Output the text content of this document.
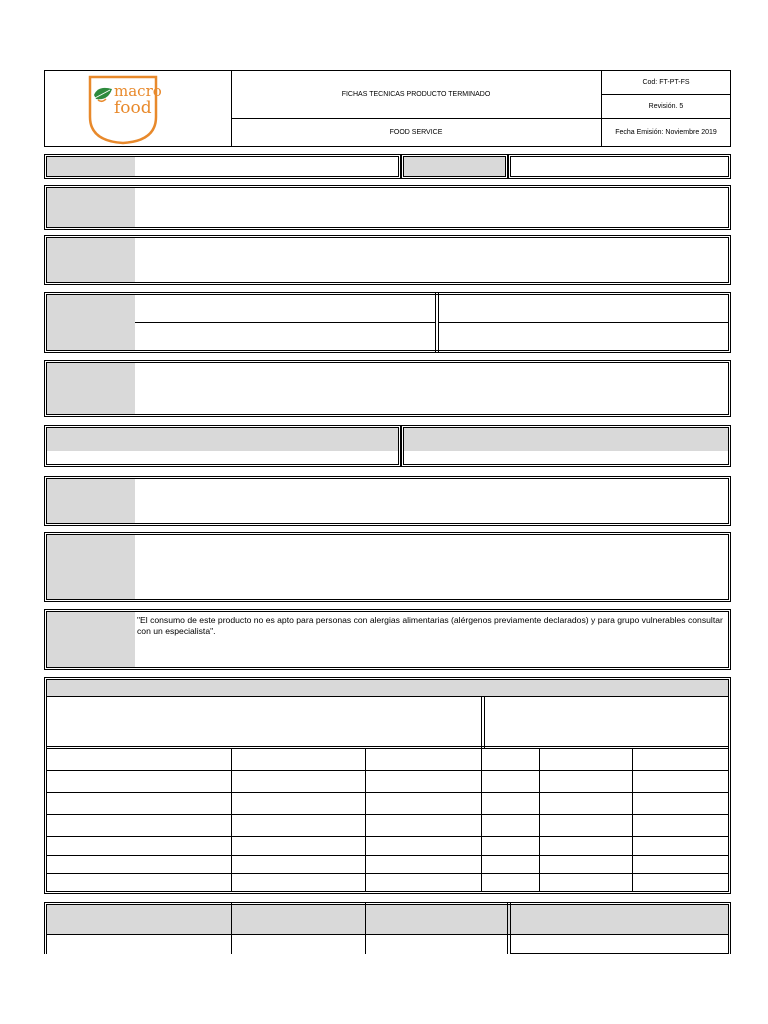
macro
food
FICHAS TECNICAS PRODUCTO TERMINADO
FOOD SERVICE
Cod: FT-PT-FS
Revisión. 5
Fecha Emisión: Noviembre 2019
"El consumo de este producto no es apto para personas con alergias alimentarias (alérgenos previamente declarados) y para grupo vulnerables consultar con un especialista".
